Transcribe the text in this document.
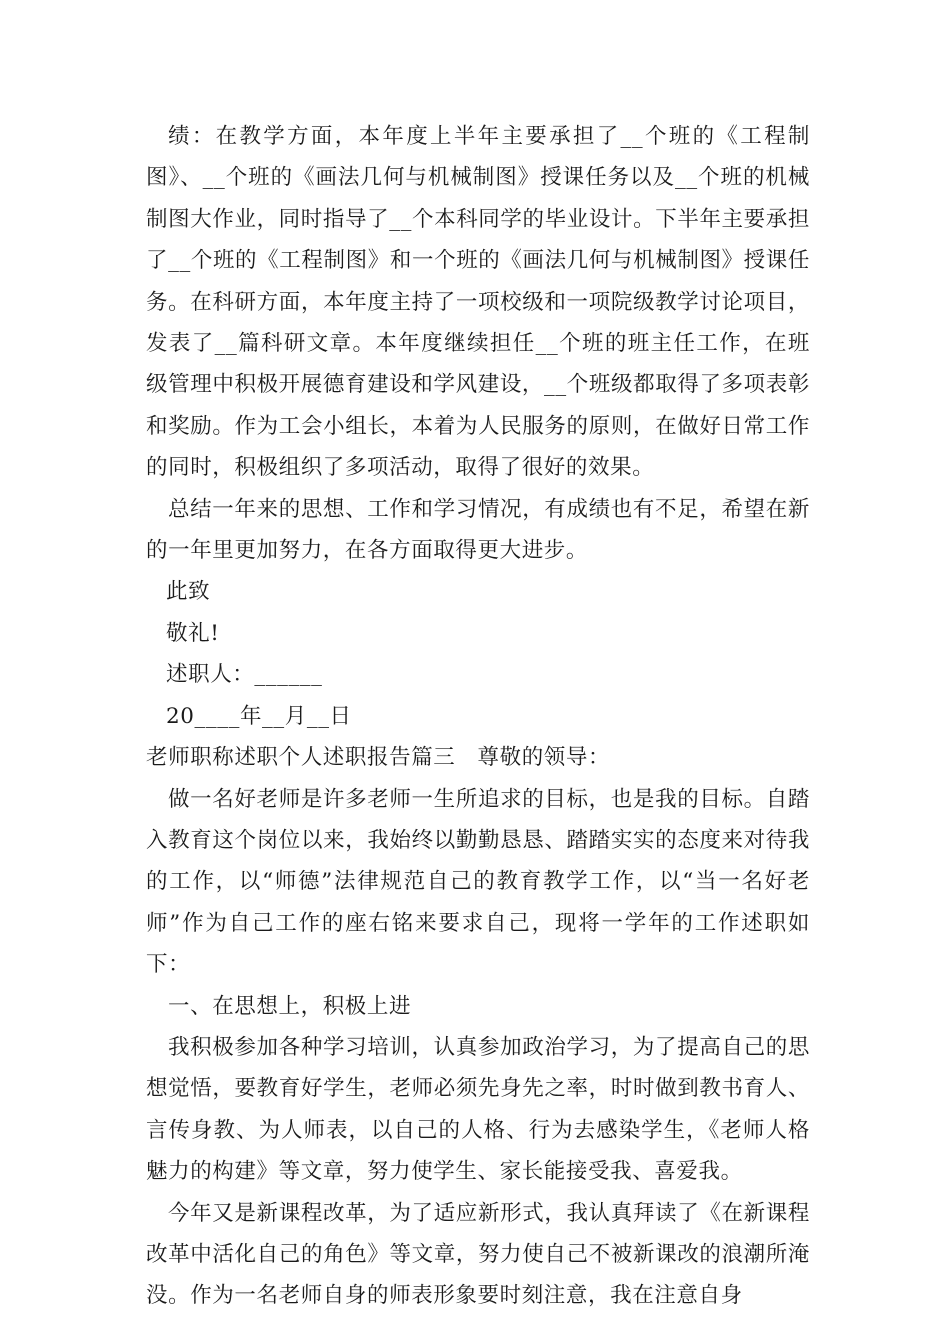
绩：在教学方面，本年度上半年主要承担了__个班的《工程制图》、__个班的《画法几何与机械制图》授课任务以及__个班的机械制图大作业，同时指导了__个本科同学的毕业设计。下半年主要承担了__个班的《工程制图》和一个班的《画法几何与机械制图》授课任务。在科研方面，本年度主持了一项校级和一项院级教学讨论项目，发表了__篇科研文章。本年度继续担任__个班的班主任工作，在班级管理中积极开展德育建设和学风建设，__个班级都取得了多项表彰和奖励。作为工会小组长，本着为人民服务的原则，在做好日常工作的同时，积极组织了多项活动，取得了很好的效果。

总结一年来的思想、工作和学习情况，有成绩也有不足，希望在新的一年里更加努力，在各方面取得更大进步。

此致

敬礼!

述职人：______

20____年__月__日

老师职称述职个人述职报告篇三　尊敬的领导：

做一名好老师是许多老师一生所追求的目标，也是我的目标。自踏入教育这个岗位以来，我始终以勤勤恳恳、踏踏实实的态度来对待我的工作，以“师德”法律规范自己的教育教学工作，以“当一名好老师”作为自己工作的座右铭来要求自己，现将一学年的工作述职如下：

一、在思想上，积极上进

我积极参加各种学习培训，认真参加政治学习，为了提高自己的思想觉悟，要教育好学生，老师必须先身先之率，时时做到教书育人、言传身教、为人师表，以自己的人格、行为去感染学生，《老师人格魅力的构建》等文章，努力使学生、家长能接受我、喜爱我。

今年又是新课程改革，为了适应新形式，我认真拜读了《在新课程改革中活化自己的角色》等文章，努力使自己不被新课改的浪潮所淹没。作为一名老师自身的师表形象要时刻注意，我在注意自身
